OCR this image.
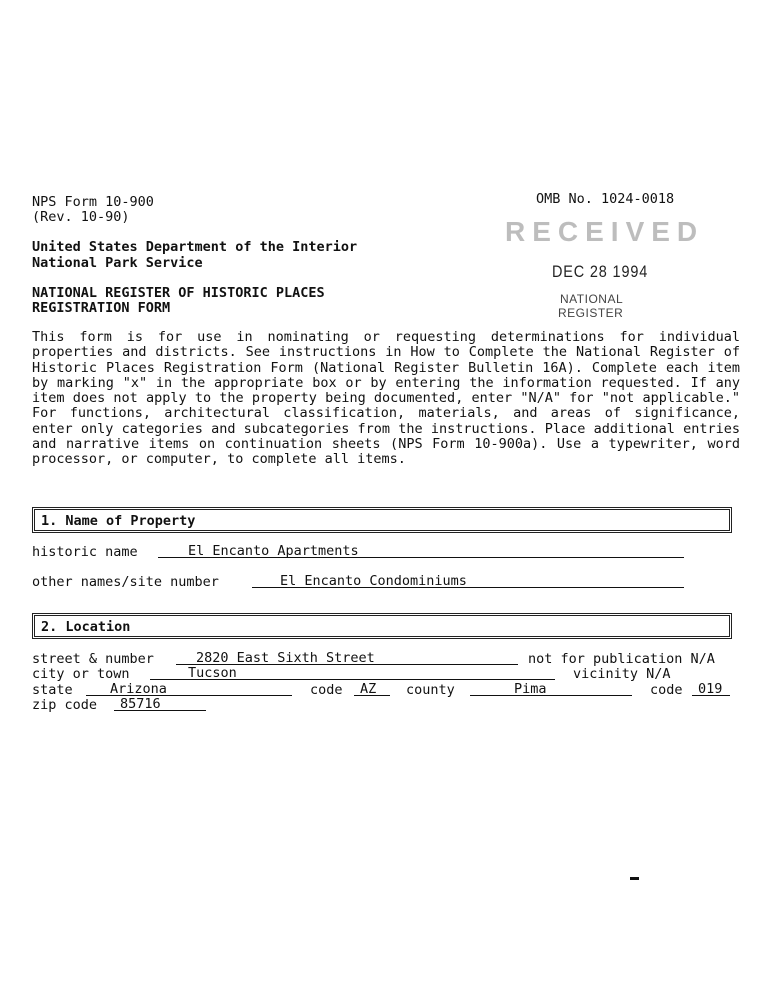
NPS Form 10-900
(Rev. 10-90)
OMB No. 1024-0018
United States Department of the Interior
National Park Service
NATIONAL REGISTER OF HISTORIC PLACES
REGISTRATION FORM
RECEIVED
DEC 28 1994
NATIONAL
REGISTER
This form is for use in nominating or requesting determinations for individual properties and districts. See instructions in How to Complete the National Register of Historic Places Registration Form (National Register Bulletin 16A). Complete each item by marking "x" in the appropriate box or by entering the information requested. If any item does not apply to the property being documented, enter "N/A" for "not applicable." For functions, architectural classification, materials, and areas of significance, enter only categories and subcategories from the instructions. Place additional entries and narrative items on continuation sheets (NPS Form 10-900a). Use a typewriter, word processor, or computer, to complete all items.
1. Name of Property
historic name	El Encanto Apartments
other names/site number	El Encanto Condominiums
2. Location
street & number	2820 East Sixth Street	not for publication N/A
city or town	Tucson	vicinity N/A
state	Arizona	code	AZ	county	Pima	code	019
zip code	85716
